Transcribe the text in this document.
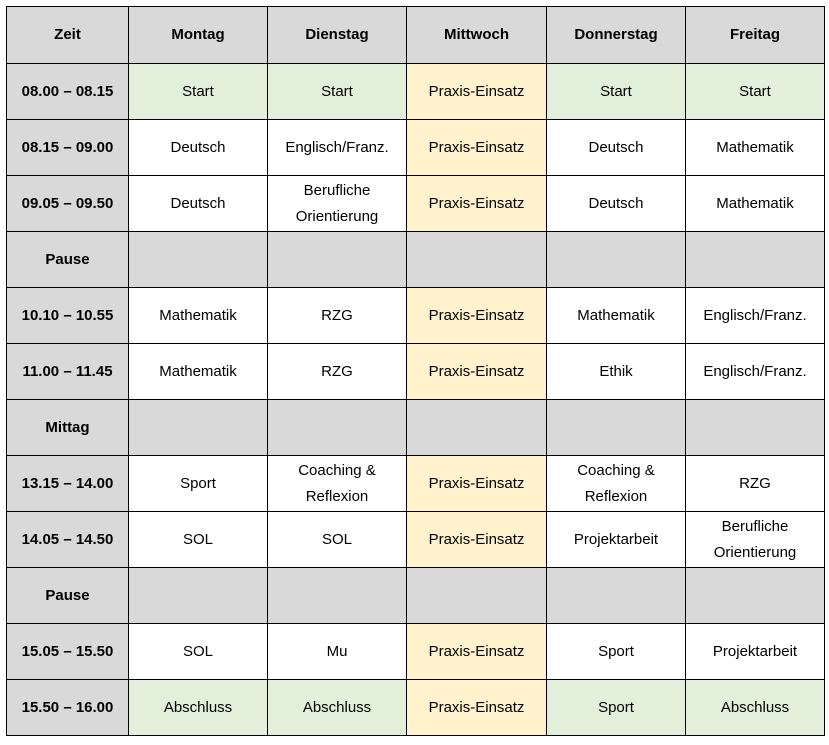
Zeit	Montag	Dienstag	Mittwoch	Donnerstag	Freitag
08.00 – 08.15	Start	Start	Praxis-Einsatz	Start	Start
08.15 – 09.00	Deutsch	Englisch/Franz.	Praxis-Einsatz	Deutsch	Mathematik
09.05 – 09.50	Deutsch	Berufliche Orientierung	Praxis-Einsatz	Deutsch	Mathematik
Pause					
10.10 – 10.55	Mathematik	RZG	Praxis-Einsatz	Mathematik	Englisch/Franz.
11.00 – 11.45	Mathematik	RZG	Praxis-Einsatz	Ethik	Englisch/Franz.
Mittag					
13.15 – 14.00	Sport	Coaching & Reflexion	Praxis-Einsatz	Coaching & Reflexion	RZG
14.05 – 14.50	SOL	SOL	Praxis-Einsatz	Projektarbeit	Berufliche Orientierung
Pause					
15.05 – 15.50	SOL	Mu	Praxis-Einsatz	Sport	Projektarbeit
15.50 – 16.00	Abschluss	Abschluss	Praxis-Einsatz	Sport	Abschluss
